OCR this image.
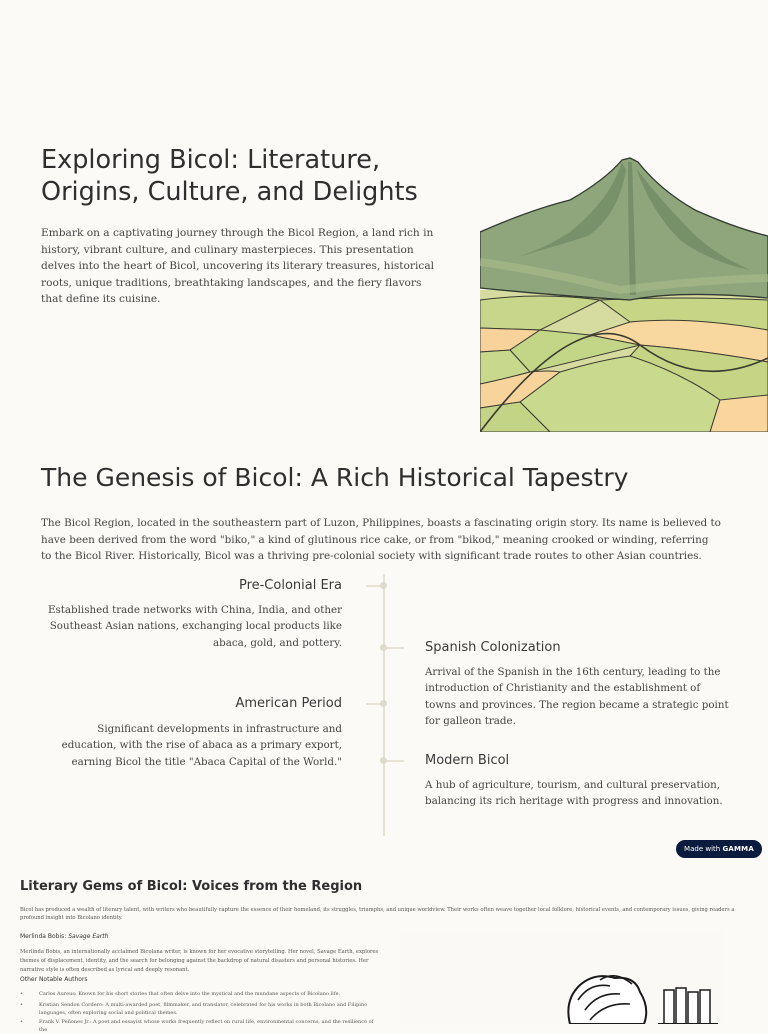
Exploring Bicol: Literature, Origins, Culture, and Delights

Embark on a captivating journey through the Bicol Region, a land rich in history, vibrant culture, and culinary masterpieces. This presentation delves into the heart of Bicol, uncovering its literary treasures, historical roots, unique traditions, breathtaking landscapes, and the fiery flavors that define its cuisine.

The Genesis of Bicol: A Rich Historical Tapestry

The Bicol Region, located in the southeastern part of Luzon, Philippines, boasts a fascinating origin story. Its name is believed to have been derived from the word "biko," a kind of glutinous rice cake, or from "bikod," meaning crooked or winding, referring to the Bicol River. Historically, Bicol was a thriving pre-colonial society with significant trade routes to other Asian countries.

Pre-Colonial Era

Established trade networks with China, India, and other Southeast Asian nations, exchanging local products like abaca, gold, and pottery.	Spanish Colonization

Arrival of the Spanish in the 16th century, leading to the introduction of Christianity and the establishment of towns and provinces. The region became a strategic point for galleon trade.

American Period

Significant developments in infrastructure and education, with the rise of abaca as a primary export, earning Bicol the title "Abaca Capital of the World."	Modern Bicol

A hub of agriculture, tourism, and cultural preservation, balancing its rich heritage with progress and innovation.

Made with GAMMA
Literary Gems of Bicol: Voices from the Region

Bicol has produced a wealth of literary talent, with writers who beautifully capture the essence of their homeland, its struggles, triumphs, and unique worldview. Their works often weave together local folklore, historical events, and contemporary issues, giving readers a profound insight into Bicolano identity.

Merlinda Bobis: Savage Earth

Merlinda Bobis, an internationally acclaimed Bicolana writer, is known for her evocative storytelling. Her novel, Savage Earth, explores themes of displacement, identity, and the search for belonging against the backdrop of natural disasters and personal histories. Her narrative style is often described as lyrical and deeply resonant.

Other Notable Authors

•	Carlos Aureus: Known for his short stories that often delve into the mystical and the mundane aspects of Bicolano life.
•	Kristian Sendon Cordero: A multi-awarded poet, filmmaker, and translator, celebrated for his works in both Bicolano and Filipino languages, often exploring social and political themes.
•	Frank V. Peñones Jr.: A poet and essayist whose works frequently reflect on rural life, environmental concerns, and the resilience of the
